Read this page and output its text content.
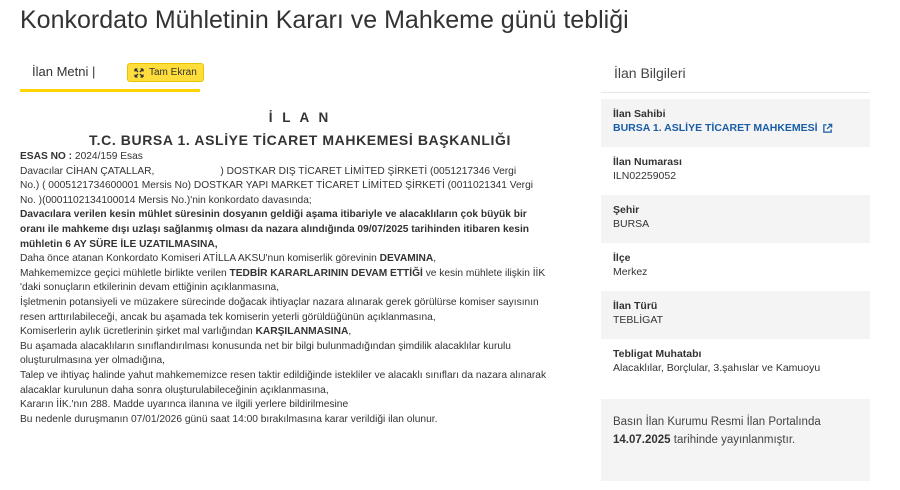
Konkordato Mühletinin Kararı ve Mahkeme günü tebliği
İlan Metni |	Tam Ekran
İ L A N
T.C. BURSA 1. ASLİYE TİCARET MAHKEMESİ BAŞKANLIĞI

ESAS NO : 2024/159 Esas

Davacılar CİHAN ÇATALLAR,	) DOSTKAR DIŞ TİCARET LİMİTED ŞİRKETİ (0051217346 Vergi

No.) ( 0005121734600001 Mersis No) DOSTKAR YAPI MARKET TİCARET LİMİTED ŞİRKETİ (0011021341 Vergi

No. )(0001102134100014 Mersis No.)'nin konkordato davasında;

Davacılara verilen kesin mühlet süresinin dosyanın geldiği aşama itibariyle ve alacaklıların çok büyük bir

oranı ile mahkeme dışı uzlaşı sağlanmış olması da nazara alındığında 09/07/2025 tarihinden itibaren kesin

mühletin 6 AY SÜRE İLE UZATILMASINA,

Daha önce atanan Konkordato Komiseri ATİLLA AKSU'nun komiserlik görevinin DEVAMINA,

Mahkememizce geçici mühletle birlikte verilen TEDBİR KARARLARININ DEVAM ETTİĞİ ve kesin mühlete ilişkin İİK

'daki sonuçların etkilerinin devam ettiğinin açıklanmasına,

İşletmenin potansiyeli ve müzakere sürecinde doğacak ihtiyaçlar nazara alınarak gerek görülürse komiser sayısının

resen arttırılabileceği, ancak bu aşamada tek komiserin yeterli görüldüğünün açıklanmasına,

Komiserlerin aylık ücretlerinin şirket mal varlığından KARŞILANMASINA,

Bu aşamada alacaklıların sınıflandırılması konusunda net bir bilgi bulunmadığından şimdilik alacaklılar kurulu

oluşturulmasına yer olmadığına,

Talep ve ihtiyaç halinde yahut mahkememizce resen taktir edildiğinde istekliler ve alacaklı sınıfları da nazara alınarak

alacaklar kurulunun daha sonra oluşturulabileceğinin açıklanmasına,

Kararın İİK.'nın 288. Madde uyarınca ilanına ve ilgili yerlere bildirilmesine

Bu nedenle duruşmanın 07/01/2026 günü saat 14:00 bırakılmasına karar verildiği ilan olunur.

İlan Bilgileri
İlan Sahibi
BURSA 1. ASLİYE TİCARET MAHKEMESİ
İlan Numarası
ILN02259052
Şehir
BURSA
İlçe
Merkez
İlan Türü
TEBLİGAT
Tebligat Muhatabı
Alacaklılar, Borçlular, 3.şahıslar ve Kamuoyu
Basın İlan Kurumu Resmi İlan Portalında
14.07.2025 tarihinde yayınlanmıştır.
